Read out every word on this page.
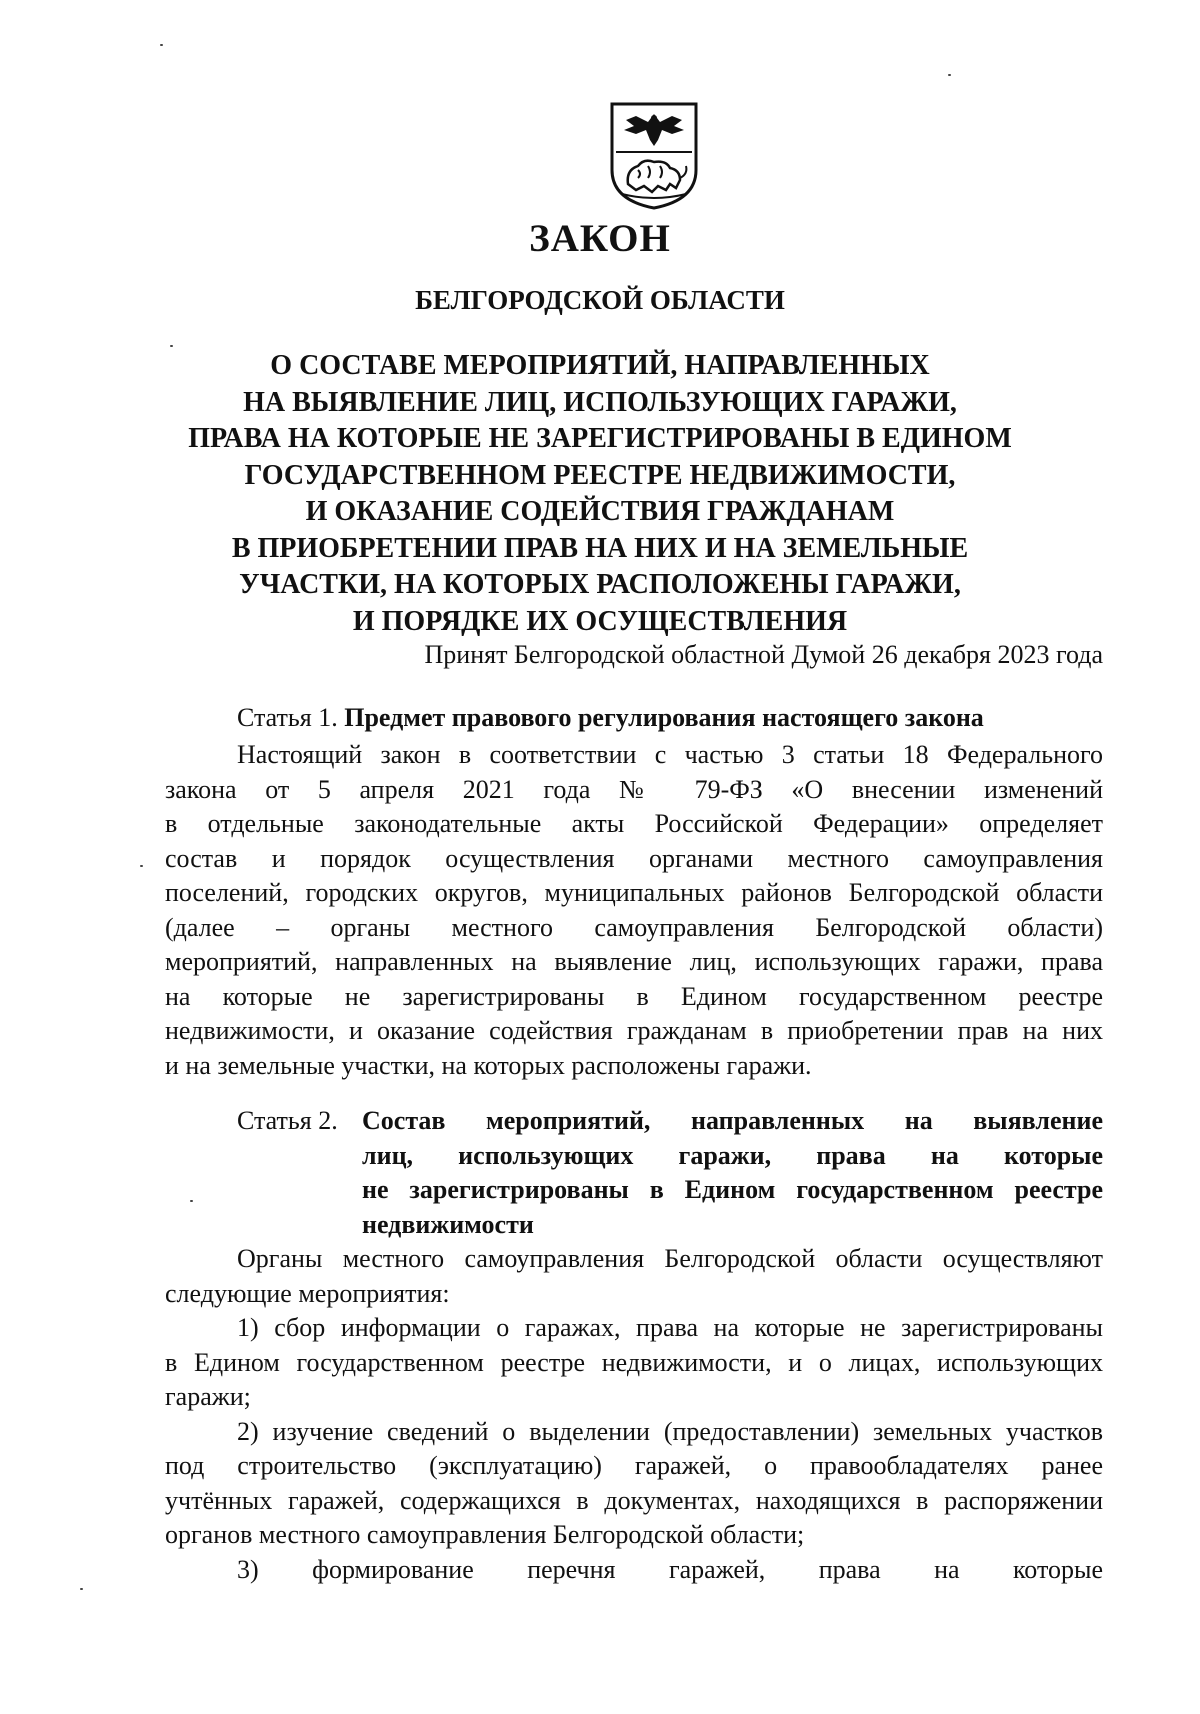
ЗАКОН
БЕЛГОРОДСКОЙ ОБЛАСТИ
О СОСТАВЕ МЕРОПРИЯТИЙ, НАПРАВЛЕННЫХ
НА ВЫЯВЛЕНИЕ ЛИЦ, ИСПОЛЬЗУЮЩИХ ГАРАЖИ,
ПРАВА НА КОТОРЫЕ НЕ ЗАРЕГИСТРИРОВАНЫ В ЕДИНОМ
ГОСУДАРСТВЕННОМ РЕЕСТРЕ НЕДВИЖИМОСТИ,
И ОКАЗАНИЕ СОДЕЙСТВИЯ ГРАЖДАНАМ
В ПРИОБРЕТЕНИИ ПРАВ НА НИХ И НА ЗЕМЕЛЬНЫЕ
УЧАСТКИ, НА КОТОРЫХ РАСПОЛОЖЕНЫ ГАРАЖИ,
И ПОРЯДКЕ ИХ ОСУЩЕСТВЛЕНИЯ
Принят Белгородской областной Думой 26 декабря 2023 года
Статья 1. Предмет правового регулирования настоящего закона
Настоящий закон в соответствии с частью 3 статьи 18 Федерального
закона от 5 апреля 2021 года № 79-ФЗ «О внесении изменений
в отдельные законодательные акты Российской Федерации» определяет
состав и порядок осуществления органами местного самоуправления
поселений, городских округов, муниципальных районов Белгородской области
(далее – органы местного самоуправления Белгородской области)
мероприятий, направленных на выявление лиц, использующих гаражи, права
на которые не зарегистрированы в Едином государственном реестре
недвижимости, и оказание содействия гражданам в приобретении прав на них
и на земельные участки, на которых расположены гаражи.
Статья 2. Состав мероприятий, направленных на выявление
лиц, использующих гаражи, права на которые
не зарегистрированы в Едином государственном реестре
недвижимости
Органы местного самоуправления Белгородской области осуществляют
следующие мероприятия:
1) сбор информации о гаражах, права на которые не зарегистрированы
в Едином государственном реестре недвижимости, и о лицах, использующих
гаражи;
2) изучение сведений о выделении (предоставлении) земельных участков
под строительство (эксплуатацию) гаражей, о правообладателях ранее
учтённых гаражей, содержащихся в документах, находящихся в распоряжении
органов местного самоуправления Белгородской области;
3) формирование перечня гаражей, права на которые
